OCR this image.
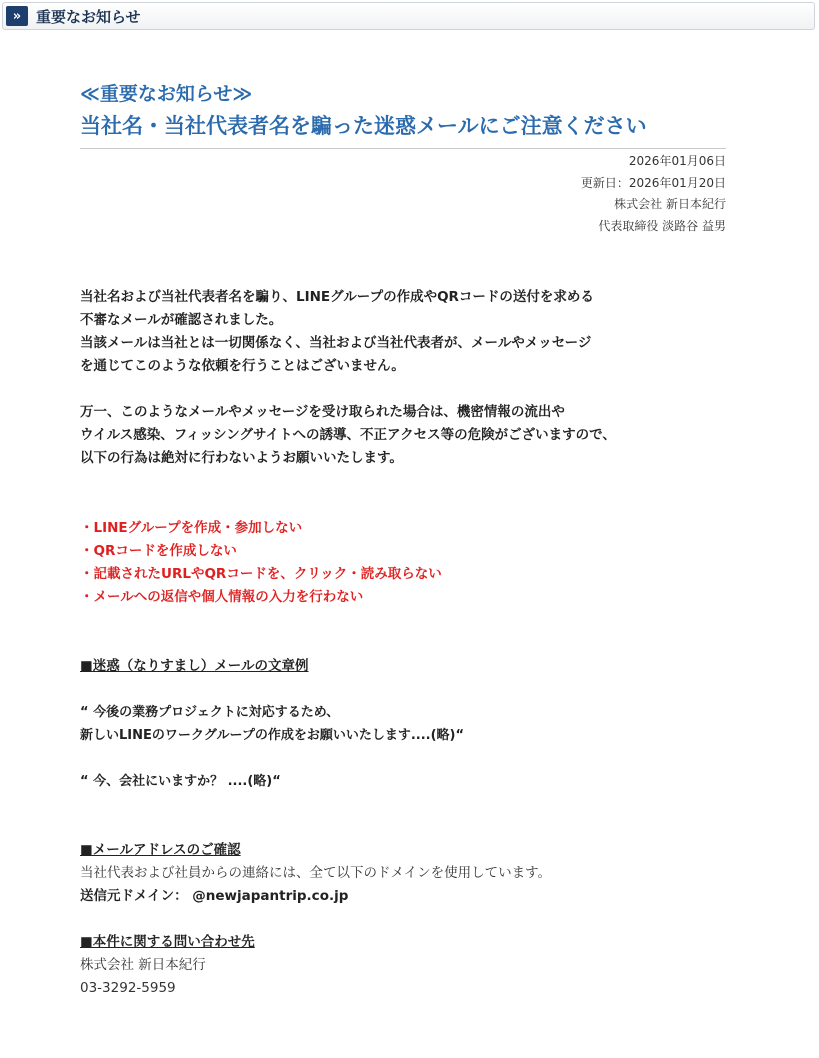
» 重要なお知らせ
≪重要なお知らせ≫
当社名・当社代表者名を騙った迷惑メールにご注意ください
2026年01月06日
更新日：2026年01月20日
株式会社 新日本紀行
代表取締役 淡路谷 益男
当社名および当社代表者名を騙り、LINEグループの作成やQRコードの送付を求める
不審なメールが確認されました。
当該メールは当社とは一切関係なく、当社および当社代表者が、メールやメッセージ
を通じてこのような依頼を行うことはございません。
万一、このようなメールやメッセージを受け取られた場合は、機密情報の流出や
ウイルス感染、フィッシングサイトへの誘導、不正アクセス等の危険がございますので、
以下の行為は絶対に行わないようお願いいたします。
・LINEグループを作成・参加しない
・QRコードを作成しない
・記載されたURLやQRコードを、クリック・読み取らない
・メールへの返信や個人情報の入力を行わない
■迷惑（なりすまし）メールの文章例
“ 今後の業務プロジェクトに対応するため、
新しいLINEのワークグループの作成をお願いいたします....(略)“
“ 今、会社にいますか？ ....(略)“
■メールアドレスのご確認
当社代表および社員からの連絡には、全て以下のドメインを使用しています。
送信元ドメイン： @newjapantrip.co.jp
■本件に関する問い合わせ先
株式会社 新日本紀行
03-3292-5959
